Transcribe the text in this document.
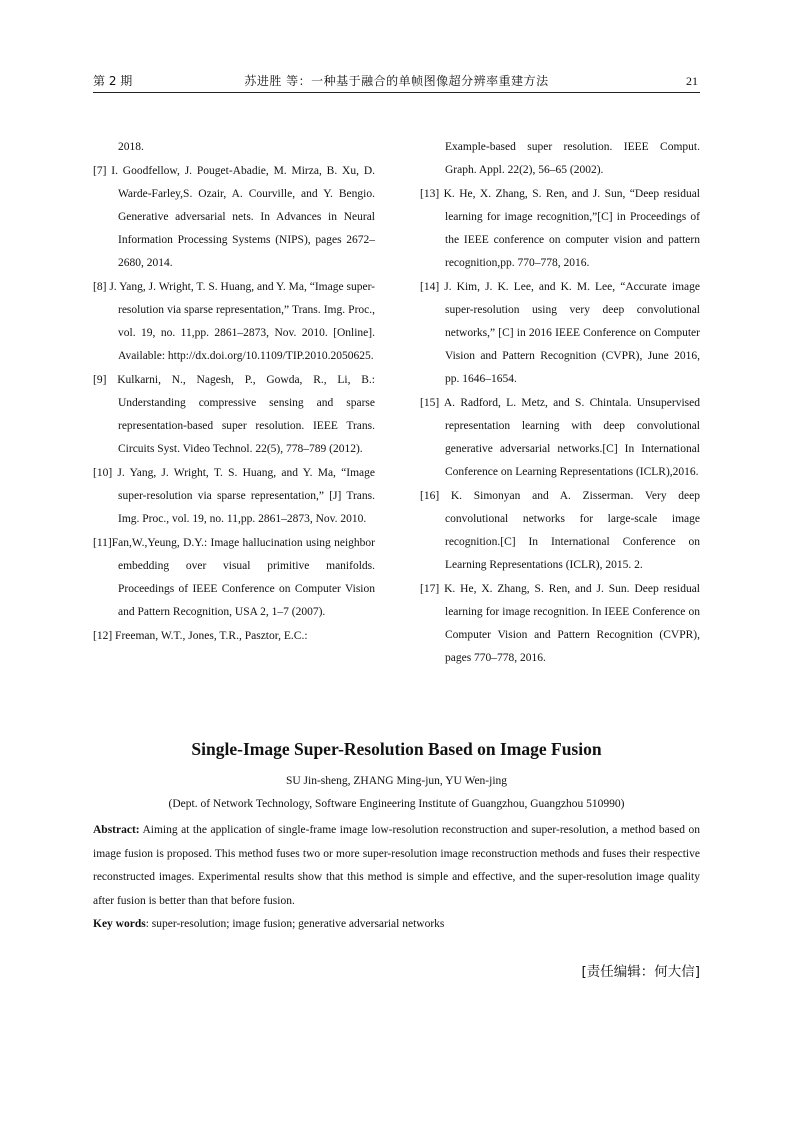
第 2 期	苏进胜 等：一种基于融合的单帧图像超分辨率重建方法	21

2018.

[7] I. Goodfellow, J. Pouget-Abadie, M. Mirza, B. Xu, D. Warde-Farley,S. Ozair, A. Courville, and Y. Bengio. Generative adversarial nets. In Advances in Neural Information Processing Systems (NIPS), pages 2672–2680, 2014.

[8] J. Yang, J. Wright, T. S. Huang, and Y. Ma, “Image super-resolution via sparse representation,” Trans. Img. Proc., vol. 19, no. 11,pp. 2861–2873, Nov. 2010. [Online]. Available: http://dx.doi.org/10.1109/TIP.2010.2050625.

[9] Kulkarni, N., Nagesh, P., Gowda, R., Li, B.: Understanding compressive sensing and sparse representation-based super resolution. IEEE Trans. Circuits Syst. Video Technol. 22(5), 778–789 (2012).

[10] J. Yang, J. Wright, T. S. Huang, and Y. Ma, “Image super-resolution via sparse representation,” [J] Trans. Img. Proc., vol. 19, no. 11,pp. 2861–2873, Nov. 2010.

[11]Fan,W.,Yeung, D.Y.: Image hallucination using neighbor embedding over visual primitive manifolds. Proceedings of IEEE Conference on Computer Vision and Pattern Recognition, USA 2, 1–7 (2007).

[12] Freeman, W.T., Jones, T.R., Pasztor, E.C.:

Example-based super resolution. IEEE Comput. Graph. Appl. 22(2), 56–65 (2002).

[13] K. He, X. Zhang, S. Ren, and J. Sun, “Deep residual learning for image recognition,”[C] in Proceedings of the IEEE conference on computer vision and pattern recognition,pp. 770–778, 2016.

[14] J. Kim, J. K. Lee, and K. M. Lee, “Accurate image super-resolution using very deep convolutional networks,” [C] in 2016 IEEE Conference on Computer Vision and Pattern Recognition (CVPR), June 2016, pp. 1646–1654.

[15] A. Radford, L. Metz, and S. Chintala. Unsupervised representation learning with deep convolutional generative adversarial networks.[C] In International Conference on Learning Representations (ICLR),2016.

[16] K. Simonyan and A. Zisserman. Very deep convolutional networks for large-scale image recognition.[C] In International Conference on Learning Representations (ICLR), 2015. 2.

[17] K. He, X. Zhang, S. Ren, and J. Sun. Deep residual learning for image recognition. In IEEE Conference on Computer Vision and Pattern Recognition (CVPR), pages 770–778, 2016.

Single-Image Super-Resolution Based on Image Fusion
SU Jin-sheng, ZHANG Ming-jun, YU Wen-jing
(Dept. of Network Technology, Software Engineering Institute of Guangzhou, Guangzhou 510990)

Abstract: Aiming at the application of single-frame image low-resolution reconstruction and super-resolution, a method based on image fusion is proposed. This method fuses two or more super-resolution image reconstruction methods and fuses their respective reconstructed images. Experimental results show that this method is simple and effective, and the super-resolution image quality after fusion is better than that before fusion.

Key words: super-resolution; image fusion; generative adversarial networks

[责任编辑：何大信]
